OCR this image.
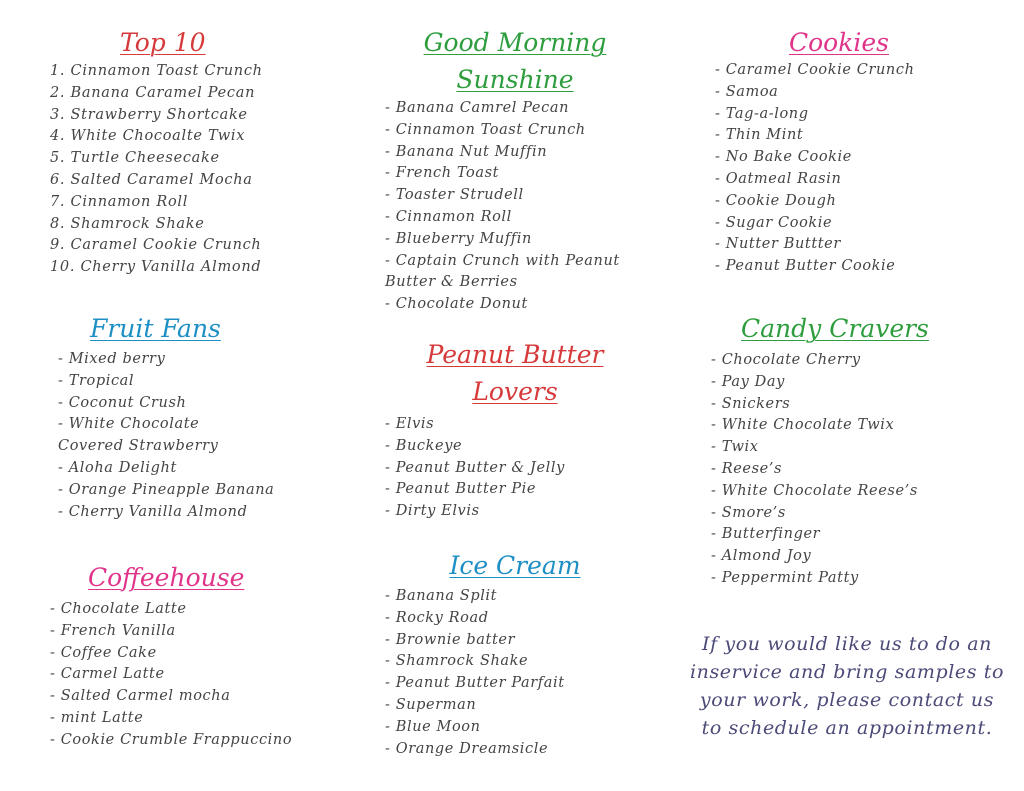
Top 10
1. Cinnamon Toast Crunch
2. Banana Caramel Pecan
3. Strawberry Shortcake
4. White Chocoalte Twix
5. Turtle Cheesecake
6. Salted Caramel Mocha
7. Cinnamon Roll
8. Shamrock Shake
9. Caramel Cookie Crunch
10. Cherry Vanilla Almond
Fruit Fans
- Mixed berry
- Tropical
- Coconut Crush
- White Chocolate Covered Strawberry
- Aloha Delight
- Orange Pineapple Banana
- Cherry Vanilla Almond
Coffeehouse
- Chocolate Latte
- French Vanilla
- Coffee Cake
- Carmel Latte
- Salted Carmel mocha
- mint Latte
- Cookie Crumble Frappuccino
Good Morning
Sunshine
- Banana Camrel Pecan
- Cinnamon Toast Crunch
- Banana Nut Muffin
- French Toast
- Toaster Strudell
- Cinnamon Roll
- Blueberry Muffin
- Captain Crunch with Peanut Butter & Berries
- Chocolate Donut
Peanut Butter
Lovers
- Elvis
- Buckeye
- Peanut Butter & Jelly
- Peanut Butter Pie
- Dirty Elvis
Ice Cream
- Banana Split
- Rocky Road
- Brownie batter
- Shamrock Shake
- Peanut Butter Parfait
- Superman
- Blue Moon
- Orange Dreamsicle
Cookies
- Caramel Cookie Crunch
- Samoa
- Tag-a-long
- Thin Mint
- No Bake Cookie
- Oatmeal Rasin
- Cookie Dough
- Sugar Cookie
- Nutter Buttter
- Peanut Butter Cookie
Candy Cravers
- Chocolate Cherry
- Pay Day
- Snickers
- White Chocolate Twix
- Twix
- Reese’s
- White Chocolate Reese’s
- Smore’s
- Butterfinger
- Almond Joy
- Peppermint Patty
If you would like us to do an inservice and bring samples to your work, please contact us to schedule an appointment.
